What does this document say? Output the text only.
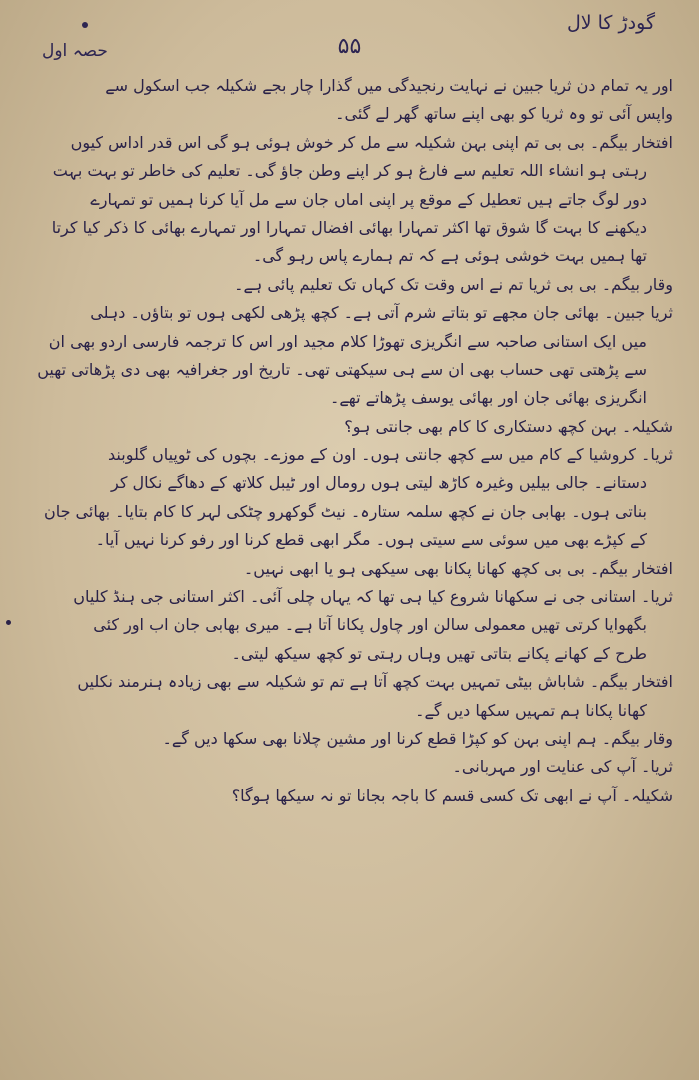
گودڑ کا لال
۵۵
حصہ اول
اور یہ تمام دن ثریا جبین نے نہایت رنجیدگی میں گذارا چار بجے شکیلہ جب اسکول سے
واپس آئی تو وہ ثریا کو بھی اپنے ساتھ گھر لے گئی۔
افتخار بیگم۔ بی بی تم اپنی بہن شکیلہ سے مل کر خوش ہوئی ہو گی اس قدر اداس کیوں
رہتی ہو انشاء اللہ تعلیم سے فارغ ہو کر اپنے وطن جاؤ گی۔ تعلیم کی خاطر تو بہت بہت
دور لوگ جاتے ہیں تعطیل کے موقع پر اپنی اماں جان سے مل آیا کرنا ہمیں تو تمہارے
دیکھنے کا بہت گا شوق تھا اکثر تمہارا بھائی افضال تمہارا اور تمہارے بھائی کا ذکر کیا کرتا
تھا ہمیں بہت خوشی ہوئی ہے کہ تم ہمارے پاس رہو گی۔
وقار بیگم۔ بی بی ثریا تم نے اس وقت تک کہاں تک تعلیم پائی ہے۔
ثریا جبین۔ بھائی جان مجھے تو بتاتے شرم آتی ہے۔ کچھ پڑھی لکھی ہوں تو بتاؤں۔ دہلی
میں ایک استانی صاحبہ سے انگریزی تھوڑا کلام مجید اور اس کا ترجمہ فارسی اردو بھی ان
سے پڑھتی تھی حساب بھی ان سے ہی سیکھتی تھی۔ تاریخ اور جغرافیہ بھی دی پڑھاتی تھیں
انگریزی بھائی جان اور بھائی یوسف پڑھاتے تھے۔
شکیلہ۔ بہن کچھ دستکاری کا کام بھی جانتی ہو؟
ثریا۔ کروشیا کے کام میں سے کچھ جانتی ہوں۔ اون کے موزے۔ بچوں کی ٹوپیاں گلوبند
دستانے۔ جالی بیلیں وغیرہ کاڑھ لیتی ہوں رومال اور ٹیبل کلاتھ کے دھاگے نکال کر
بناتی ہوں۔ بھابی جان نے کچھ سلمہ ستارہ۔ نیٹ گوکھرو چٹکی لہر کا کام بتایا۔ بھائی جان
کے کپڑے بھی میں سوئی سے سیتی ہوں۔ مگر ابھی قطع کرنا اور رفو کرنا نہیں آیا۔
افتخار بیگم۔ بی بی کچھ کھانا پکانا بھی سیکھی ہو یا ابھی نہیں۔
ثریا۔ استانی جی نے سکھانا شروع کیا ہی تھا کہ یہاں چلی آئی۔ اکثر استانی جی ہنڈ کلیاں
بگھوایا کرتی تھیں معمولی سالن اور چاول پکانا آتا ہے۔ میری بھابی جان اب اور کئی
طرح کے کھانے پکانے بتاتی تھیں وہاں رہتی تو کچھ سیکھ لیتی۔
افتخار بیگم۔ شاباش بیٹی تمہیں بہت کچھ آتا ہے تم تو شکیلہ سے بھی زیادہ ہنرمند نکلیں
کھانا پکانا ہم تمہیں سکھا دیں گے۔
وقار بیگم۔ ہم اپنی بہن کو کپڑا قطع کرنا اور مشین چلانا بھی سکھا دیں گے۔
ثریا۔ آپ کی عنایت اور مہربانی۔
شکیلہ۔ آپ نے ابھی تک کسی قسم کا باجہ بجانا تو نہ سیکھا ہوگا؟
